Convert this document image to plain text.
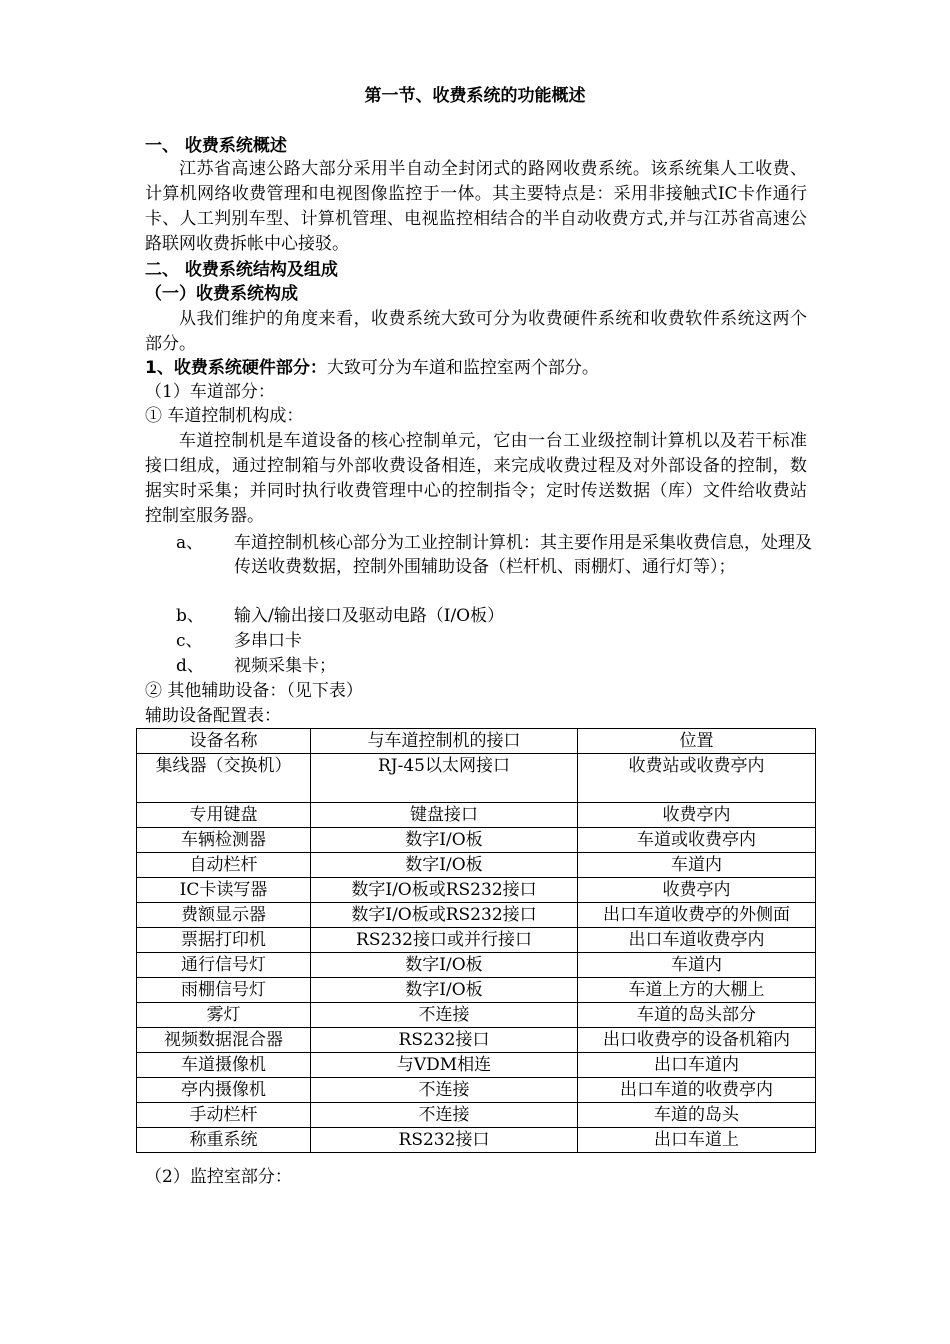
第一节、收费系统的功能概述
一、 收费系统概述
江苏省高速公路大部分采用半自动全封闭式的路网收费系统。该系统集人工收费、计算机网络收费管理和电视图像监控于一体。其主要特点是：采用非接触式IC卡作通行卡、人工判别车型、计算机管理、电视监控相结合的半自动收费方式,并与江苏省高速公路联网收费拆帐中心接驳。
二、 收费系统结构及组成
（一）收费系统构成
从我们维护的角度来看，收费系统大致可分为收费硬件系统和收费软件系统这两个部分。
1、收费系统硬件部分：大致可分为车道和监控室两个部分。
（1）车道部分：
① 车道控制机构成：
车道控制机是车道设备的核心控制单元，它由一台工业级控制计算机以及若干标准接口组成，通过控制箱与外部收费设备相连，来完成收费过程及对外部设备的控制，数据实时采集；并同时执行收费管理中心的控制指令；定时传送数据（库）文件给收费站控制室服务器。
a、 车道控制机核心部分为工业控制计算机：其主要作用是采集收费信息，处理及传送收费数据，控制外围辅助设备（栏杆机、雨棚灯、通行灯等）；
b、 输入/输出接口及驱动电路（I/O板）
c、 多串口卡
d、 视频采集卡；
② 其他辅助设备：（见下表）
辅助设备配置表：
设备名称	与车道控制机的接口	位置
集线器（交换机）	RJ-45以太网接口	收费站或收费亭内
专用键盘	键盘接口	收费亭内
车辆检测器	数字I/O板	车道或收费亭内
自动栏杆	数字I/O板	车道内
IC卡读写器	数字I/O板或RS232接口	收费亭内
费额显示器	数字I/O板或RS232接口	出口车道收费亭的外侧面
票据打印机	RS232接口或并行接口	出口车道收费亭内
通行信号灯	数字I/O板	车道内
雨棚信号灯	数字I/O板	车道上方的大棚上
雾灯	不连接	车道的岛头部分
视频数据混合器	RS232接口	出口收费亭的设备机箱内
车道摄像机	与VDM相连	出口车道内
亭内摄像机	不连接	出口车道的收费亭内
手动栏杆	不连接	车道的岛头
称重系统	RS232接口	出口车道上
（2）监控室部分：
